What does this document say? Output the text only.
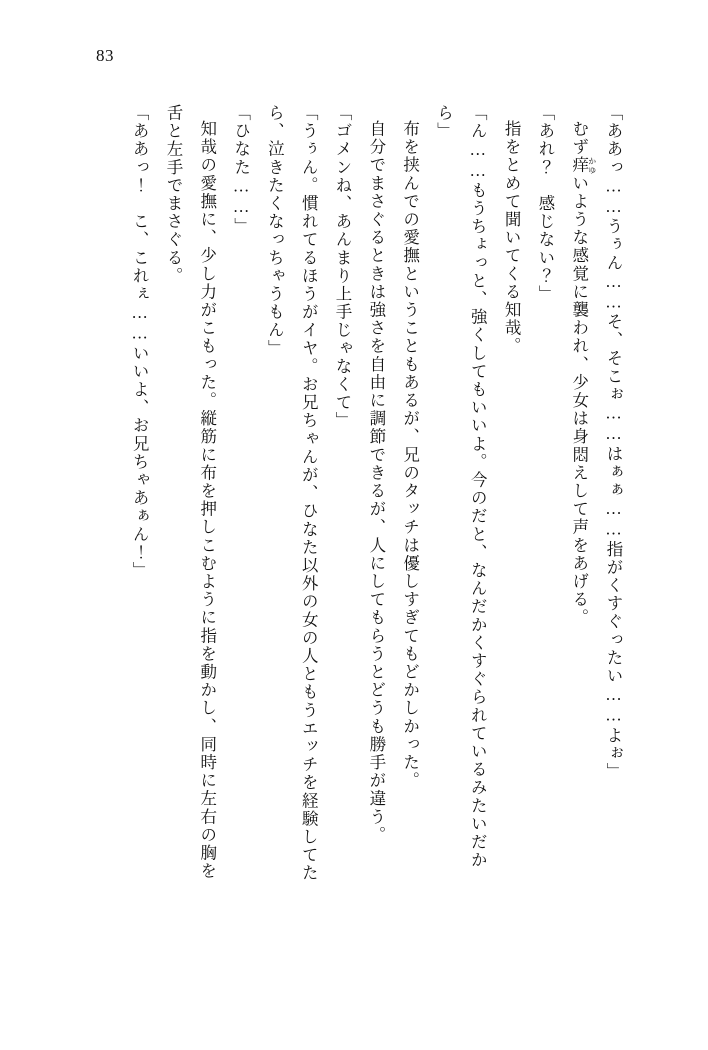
83

「ああっ……うぅん……そ、そこぉ……はぁぁ……指がくすぐったい……よぉ」

むず痒 かゆいような感覚に襲われ、少女は身悶えして声をあげる。

「あれ？　感じない？」

指をとめて聞いてくる知哉。

「ん……もうちょっと、強くしてもいいよ。今のだと、なんだかくすぐられているみたいだから」

布を挟んでの愛撫ということもあるが、兄のタッチは優しすぎてもどかしかった。

自分でまさぐるときは強さを自由に調節できるが、人にしてもらうとどうも勝手が違う。

「ゴメンね、あんまり上手じゃなくて」

「うぅん。慣れてるほうがイヤ。お兄ちゃんが、ひなた以外の女の人ともうエッチを経験してたら、泣きたくなっちゃうもん」

「ひなた……」

知哉の愛撫に、少し力がこもった。縦筋に布を押しこむように指を動かし、同時に左右の胸を舌と左手でまさぐる。

「ああっ！　こ、これぇ……いいよ、お兄ちゃあぁん！」
